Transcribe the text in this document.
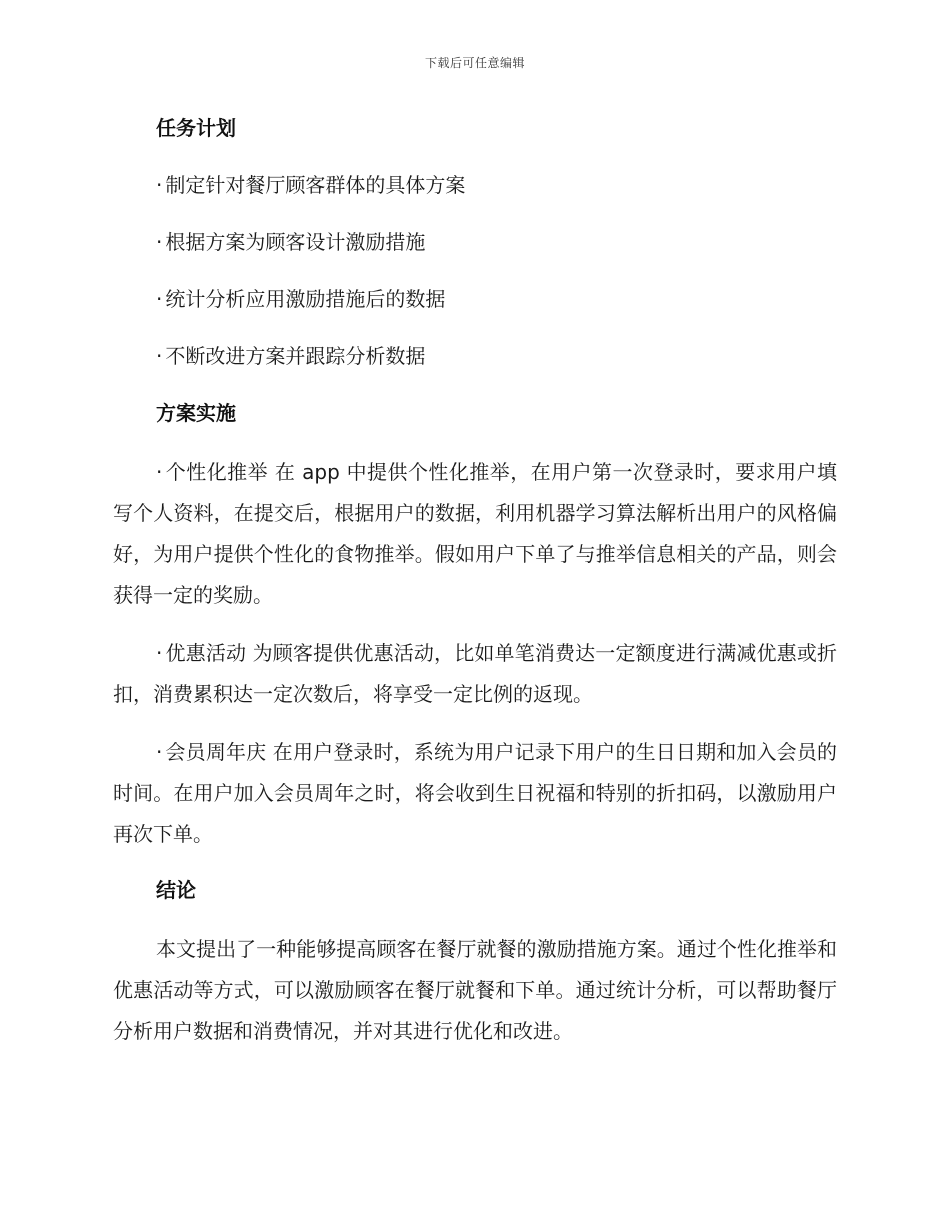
下载后可任意编辑
任务计划
· 制定针对餐厅顾客群体的具体方案
· 根据方案为顾客设计激励措施
· 统计分析应用激励措施后的数据
· 不断改进方案并跟踪分析数据
方案实施

· 个性化推举 在 app 中提供个性化推举，在用户第一次登录时，要求用户填写个人资料，在提交后，根据用户的数据，利用机器学习算法解析出用户的风格偏好，为用户提供个性化的食物推举。假如用户下单了与推举信息相关的产品，则会获得一定的奖励。

· 优惠活动 为顾客提供优惠活动，比如单笔消费达一定额度进行满减优惠或折扣，消费累积达一定次数后，将享受一定比例的返现。

· 会员周年庆 在用户登录时，系统为用户记录下用户的生日日期和加入会员的时间。在用户加入会员周年之时，将会收到生日祝福和特别的折扣码，以激励用户再次下单。

结论

本文提出了一种能够提高顾客在餐厅就餐的激励措施方案。通过个性化推举和优惠活动等方式，可以激励顾客在餐厅就餐和下单。通过统计分析，可以帮助餐厅分析用户数据和消费情况，并对其进行优化和改进。
